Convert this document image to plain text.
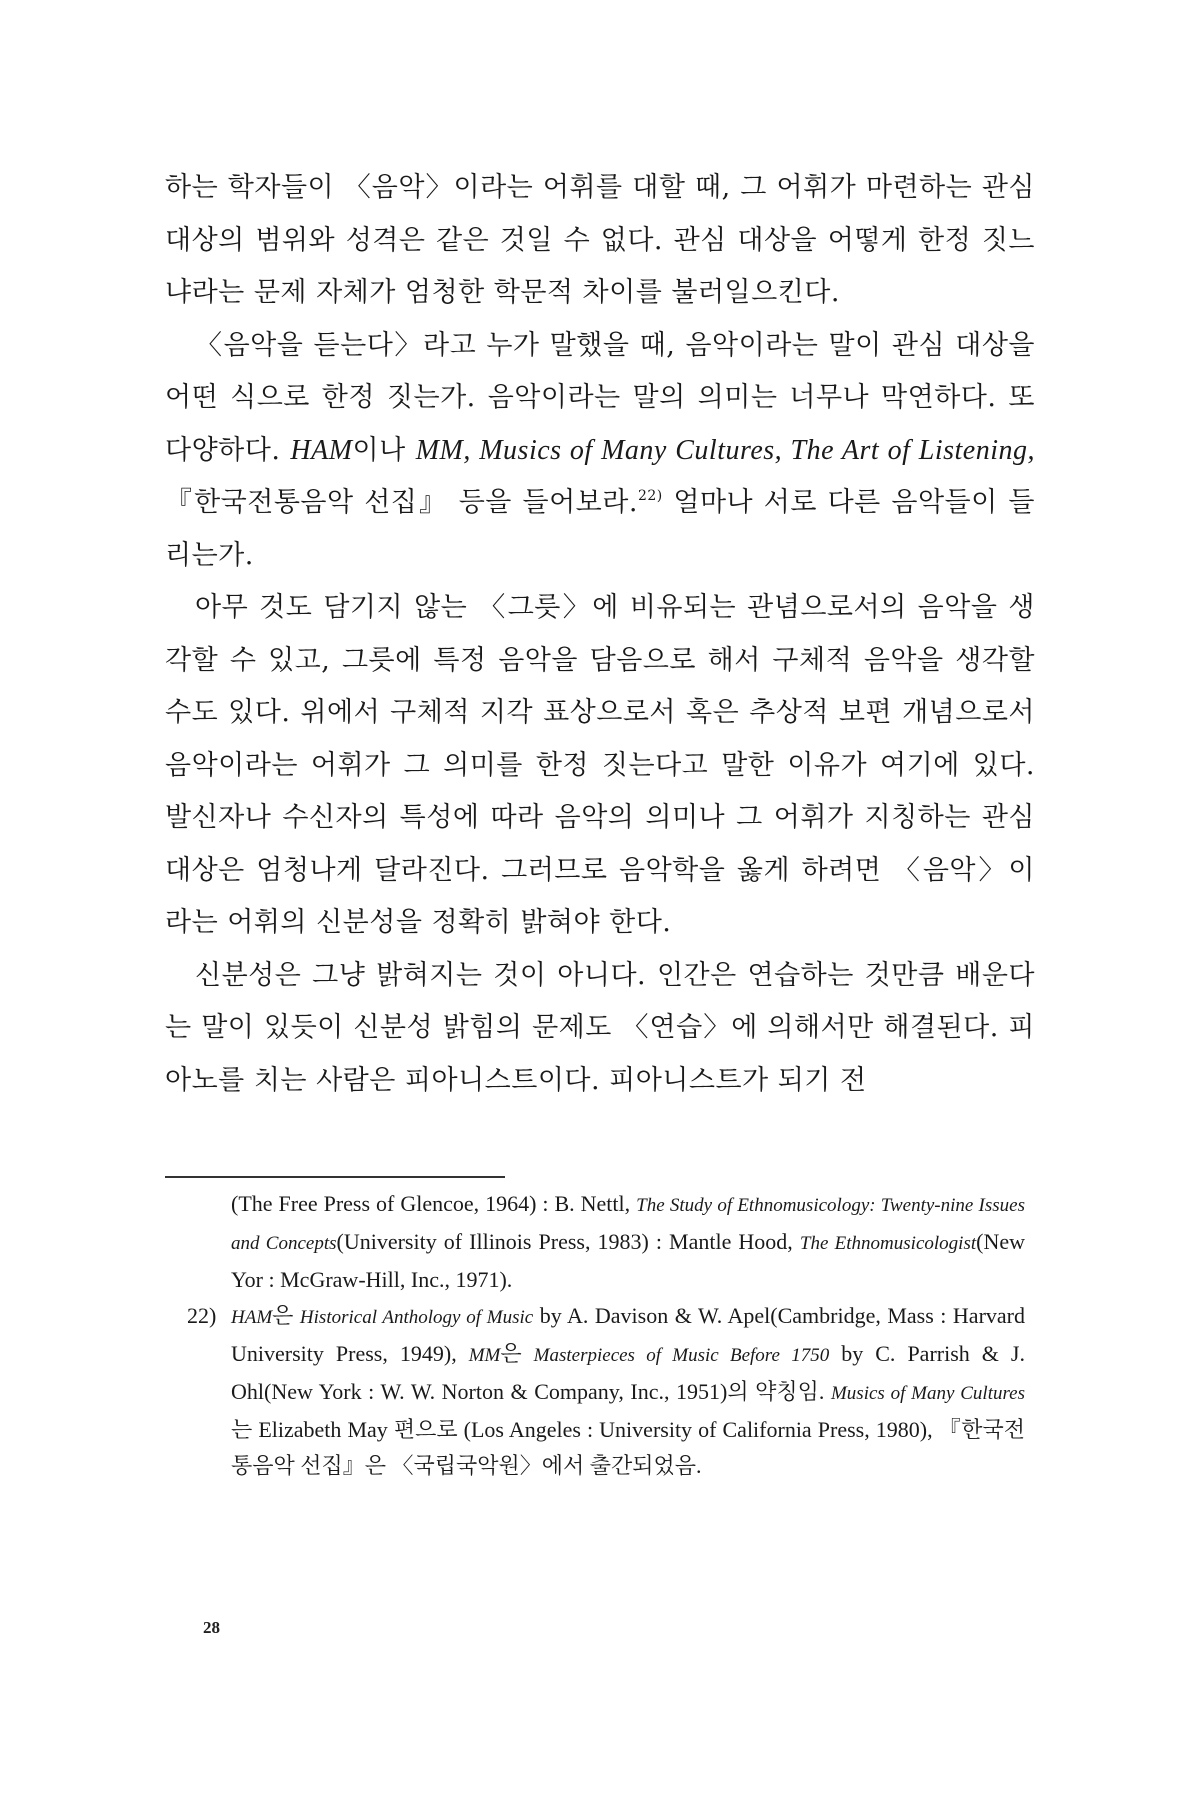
하는 학자들이 〈음악〉이라는 어휘를 대할 때, 그 어휘가 마련하는 관심 대상의 범위와 성격은 같은 것일 수 없다. 관심 대상을 어떻게 한정 짓느냐라는 문제 자체가 엄청한 학문적 차이를 불러일으킨다.

〈음악을 듣는다〉라고 누가 말했을 때, 음악이라는 말이 관심 대상을 어떤 식으로 한정 짓는가. 음악이라는 말의 의미는 너무나 막연하다. 또 다양하다. HAM이나 MM, Musics of Many Cultures, The Art of Listening, 『한국전통음악 선집』 등을 들어보라.$^{22)}$ 얼마나 서로 다른 음악들이 들리는가.

아무 것도 담기지 않는 〈그릇〉에 비유되는 관념으로서의 음악을 생각할 수 있고, 그릇에 특정 음악을 담음으로 해서 구체적 음악을 생각할 수도 있다. 위에서 구체적 지각 표상으로서 혹은 추상적 보편 개념으로서 음악이라는 어휘가 그 의미를 한정 짓는다고 말한 이유가 여기에 있다. 발신자나 수신자의 특성에 따라 음악의 의미나 그 어휘가 지칭하는 관심 대상은 엄청나게 달라진다. 그러므로 음악학을 옳게 하려면 〈음악〉이라는 어휘의 신분성을 정확히 밝혀야 한다.

신분성은 그냥 밝혀지는 것이 아니다. 인간은 연습하는 것만큼 배운다는 말이 있듯이 신분성 밝힘의 문제도 〈연습〉에 의해서만 해결된다. 피아노를 치는 사람은 피아니스트이다. 피아니스트가 되기 전

(The Free Press of Glencoe, 1964) : B. Nettl, The Study of Ethnomusicology: Twenty-nine Issues and Concepts(University of Illinois Press, 1983) : Mantle Hood, The Ethnomusicologist(New Yor : McGraw-Hill, Inc., 1971).
22) HAM은 Historical Anthology of Music by A. Davison & W. Apel(Cambridge, Mass : Harvard University Press, 1949), MM은 Masterpieces of Music Before 1750 by C. Parrish & J. Ohl(New York : W. W. Norton & Company, Inc., 1951)의 약칭임. Musics of Many Cultures는 Elizabeth May 편으로 (Los Angeles : University of California Press, 1980), 『한국전통음악 선집』은 〈국립국악원〉에서 출간되었음.
28
